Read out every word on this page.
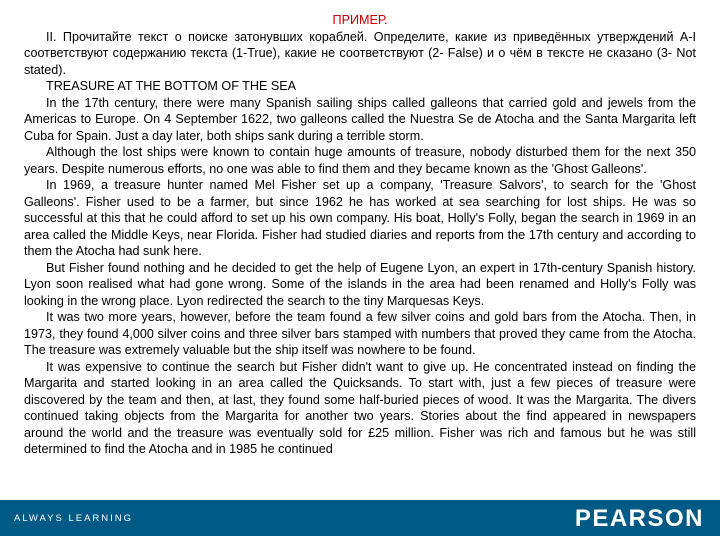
ПРИМЕР.

II. Прочитайте текст о поиске затонувших кораблей. Определите, какие из приведённых утверждений A-I соответствуют содержанию текста (1-True), какие не соответствуют (2- False) и о чём в тексте не сказано (3- Not stated).

TREASURE AT THE BOTTOM OF THE SEA

In the 17th century, there were many Spanish sailing ships called galleons that carried gold and jewels from the Americas to Europe. On 4 September 1622, two galleons called the Nuestra Se de Atocha and the Santa Margarita left Cuba for Spain. Just a day later, both ships sank during a terrible storm.

Although the lost ships were known to contain huge amounts of treasure, nobody disturbed them for the next 350 years. Despite numerous efforts, no one was able to find them and they became known as the 'Ghost Galleons'.

In 1969, a treasure hunter named Mel Fisher set up a company, 'Treasure Salvors', to search for the 'Ghost Galleons'. Fisher used to be a farmer, but since 1962 he has worked at sea searching for lost ships. He was so successful at this that he could afford to set up his own company. His boat, Holly's Folly, began the search in 1969 in an area called the Middle Keys, near Florida. Fisher had studied diaries and reports from the 17th century and according to them the Atocha had sunk here.

But Fisher found nothing and he decided to get the help of Eugene Lyon, an expert in 17th-century Spanish history. Lyon soon realised what had gone wrong. Some of the islands in the area had been renamed and Holly's Folly was looking in the wrong place. Lyon redirected the search to the tiny Marquesas Keys.

It was two more years, however, before the team found a few silver coins and gold bars from the Atocha. Then, in 1973, they found 4,000 silver coins and three silver bars stamped with numbers that proved they came from the Atocha. The treasure was extremely valuable but the ship itself was nowhere to be found.

It was expensive to continue the search but Fisher didn't want to give up. He concentrated instead on finding the Margarita and started looking in an area called the Quicksands. To start with, just a few pieces of treasure were discovered by the team and then, at last, they found some half-buried pieces of wood. It was the Margarita. The divers continued taking objects from the Margarita for another two years. Stories about the find appeared in newspapers around the world and the treasure was eventually sold for £25 million. Fisher was rich and famous but he was still determined to find the Atocha and in 1985 he continued

ALWAYS LEARNING	PEARSON
